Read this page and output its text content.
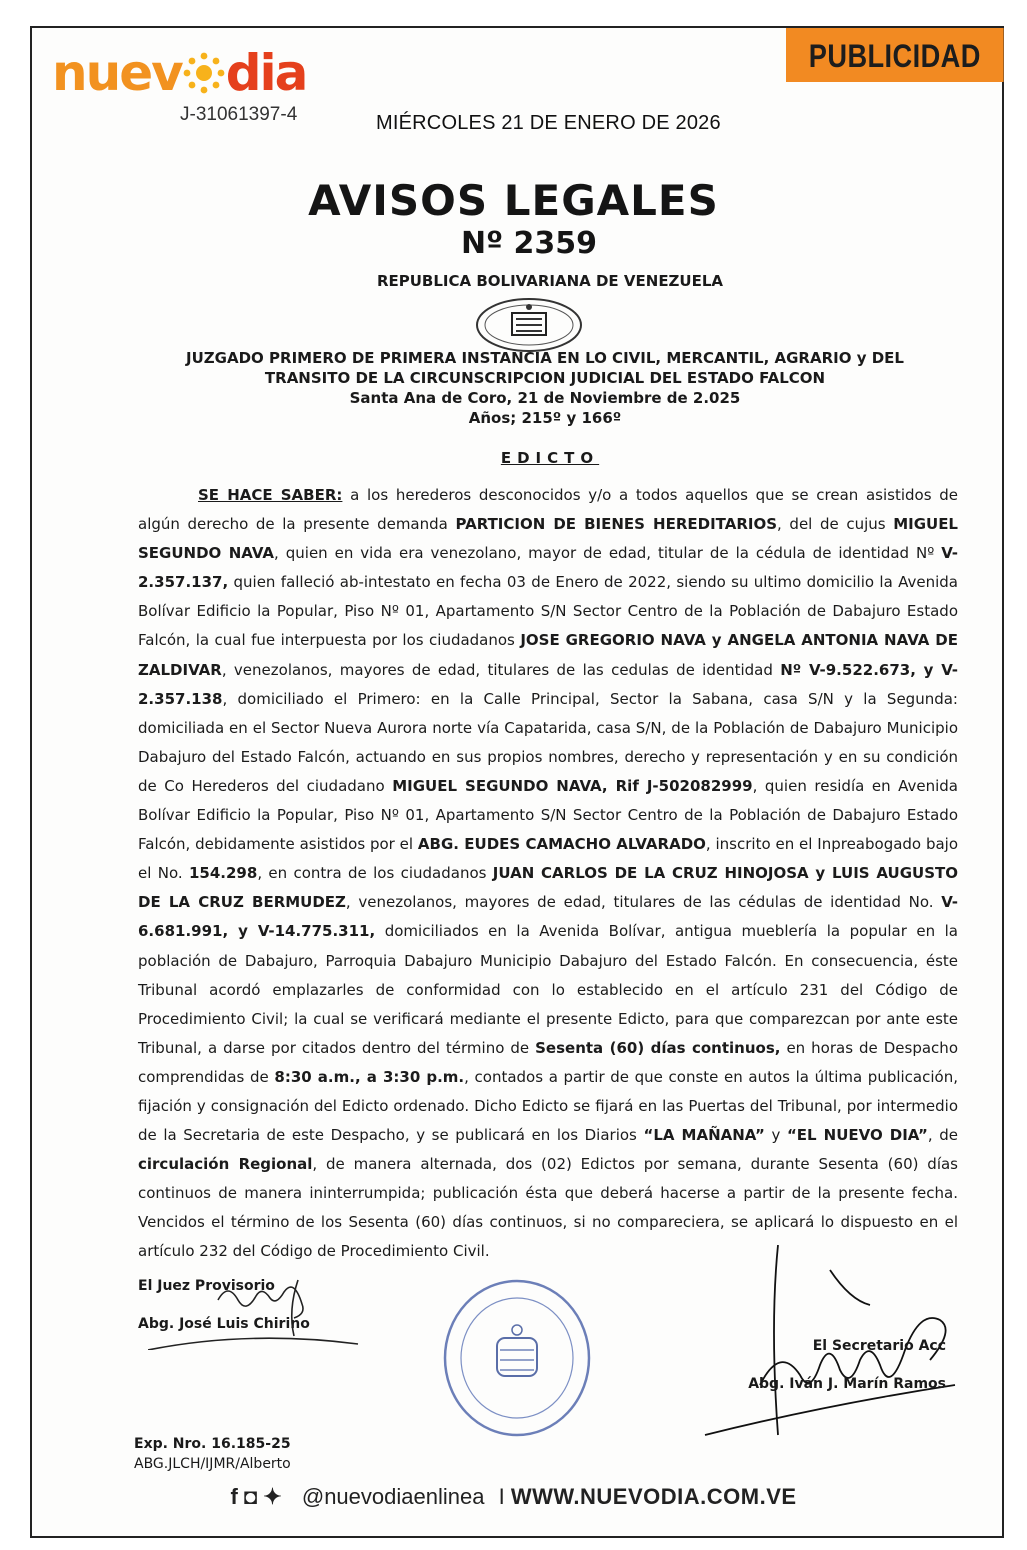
nuev dia
J-31061397-4	MIÉRCOLES 21 DE ENERO DE 2026
PUBLICIDAD
AVISOS LEGALES
Nº 2359
REPUBLICA BOLIVARIANA DE VENEZUELA
JUZGADO PRIMERO DE PRIMERA INSTANCIA EN LO CIVIL, MERCANTIL, AGRARIO y DEL
TRANSITO DE LA CIRCUNSCRIPCION JUDICIAL DEL ESTADO FALCON
Santa Ana de Coro, 21 de Noviembre de 2.025
Años; 215º y 166º
EDICTO
SE HACE SABER: a los herederos desconocidos y/o a todos aquellos que se crean asistidos de algún derecho de la presente demanda PARTICION DE BIENES HEREDITARIOS, del de cujus MIGUEL SEGUNDO NAVA, quien en vida era venezolano, mayor de edad, titular de la cédula de identidad Nº V-2.357.137, quien falleció ab-intestato en fecha 03 de Enero de 2022, siendo su ultimo domicilio la Avenida Bolívar Edificio la Popular, Piso Nº 01, Apartamento S/N Sector Centro de la Población de Dabajuro Estado Falcón, la cual fue interpuesta por los ciudadanos JOSE GREGORIO NAVA y ANGELA ANTONIA NAVA DE ZALDIVAR, venezolanos, mayores de edad, titulares de las cedulas de identidad Nº V-9.522.673, y V-2.357.138, domiciliado el Primero: en la Calle Principal, Sector la Sabana, casa S/N y la Segunda: domiciliada en el Sector Nueva Aurora norte vía Capatarida, casa S/N, de la Población de Dabajuro Municipio Dabajuro del Estado Falcón, actuando en sus propios nombres, derecho y representación y en su condición de Co Herederos del ciudadano MIGUEL SEGUNDO NAVA, Rif J-502082999, quien residía en Avenida Bolívar Edificio la Popular, Piso Nº 01, Apartamento S/N Sector Centro de la Población de Dabajuro Estado Falcón, debidamente asistidos por el ABG. EUDES CAMACHO ALVARADO, inscrito en el Inpreabogado bajo el No. 154.298, en contra de los ciudadanos JUAN CARLOS DE LA CRUZ HINOJOSA y LUIS AUGUSTO DE LA CRUZ BERMUDEZ, venezolanos, mayores de edad, titulares de las cédulas de identidad No. V-6.681.991, y V-14.775.311, domiciliados en la Avenida Bolívar, antigua mueblería la popular en la población de Dabajuro, Parroquia Dabajuro Municipio Dabajuro del Estado Falcón. En consecuencia, éste Tribunal acordó emplazarles de conformidad con lo establecido en el artículo 231 del Código de Procedimiento Civil; la cual se verificará mediante el presente Edicto, para que comparezcan por ante este Tribunal, a darse por citados dentro del término de Sesenta (60) días continuos, en horas de Despacho comprendidas de 8:30 a.m., a 3:30 p.m., contados a partir de que conste en autos la última publicación, fijación y consignación del Edicto ordenado. Dicho Edicto se fijará en las Puertas del Tribunal, por intermedio de la Secretaria de este Despacho, y se publicará en los Diarios “LA MAÑANA” y “EL NUEVO DIA”, de circulación Regional, de manera alternada, dos (02) Edictos por semana, durante Sesenta (60) días continuos de manera ininterrumpida; publicación ésta que deberá hacerse a partir de la presente fecha. Vencidos el término de los Sesenta (60) días continuos, si no compareciera, se aplicará lo dispuesto en el artículo 232 del Código de Procedimiento Civil.
El Juez Provisorio
Abg. José Luis Chirino
El Secretario Acc
Abg. Iván J. Marín Ramos
Exp. Nro. 16.185-25
ABG.JLCH/IJMR/Alberto
f ◘ ✦ @nuevodiaenlinea I WWW.NUEVODIA.COM.VE
